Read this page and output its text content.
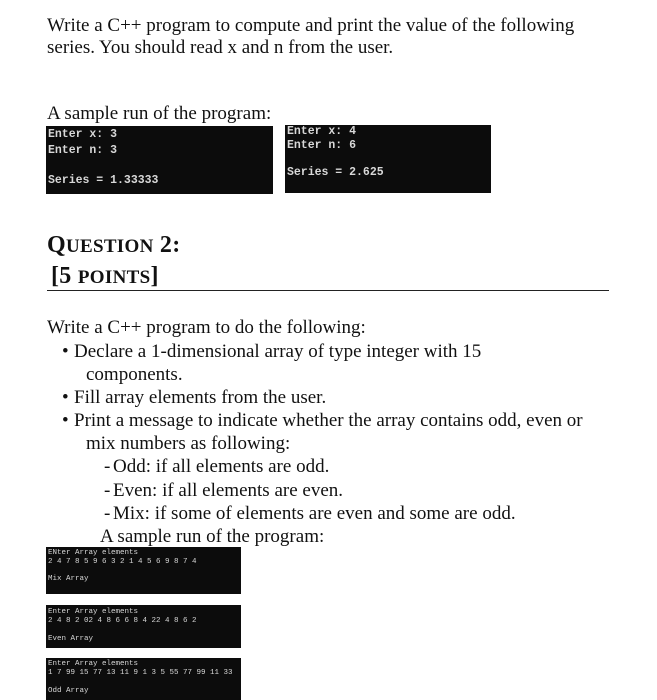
Write a C++ program to compute and print the value of the following
series. You should read x and n from the user.
A sample run of the program:
Enter x: 3
Enter n: 3
Series = 1.33333
Enter x: 4
Enter n: 6
Series = 2.625
QUESTION 2:
[5 POINTS]
Write a C++ program to do the following:
• Declare a 1-dimensional array of type integer with 15
components.
• Fill array elements from the user.
• Print a message to indicate whether the array contains odd, even or
mix numbers as following:
- Odd: if all elements are odd.
- Even: if all elements are even.
- Mix: if some of elements are even and some are odd.
A sample run of the program:
ENter Array elements
2 4 7 8 5 9 6 3 2 1 4 5 6 9 8 7 4
Mix Array
Enter Array elements
2 4 8 2 02 4 8 6 6 8 4 22 4 8 6 2
Even Array
Enter Array elements
1 7 99 15 77 13 11 9 1 3 5 55 77 99 11 33
Odd Array
